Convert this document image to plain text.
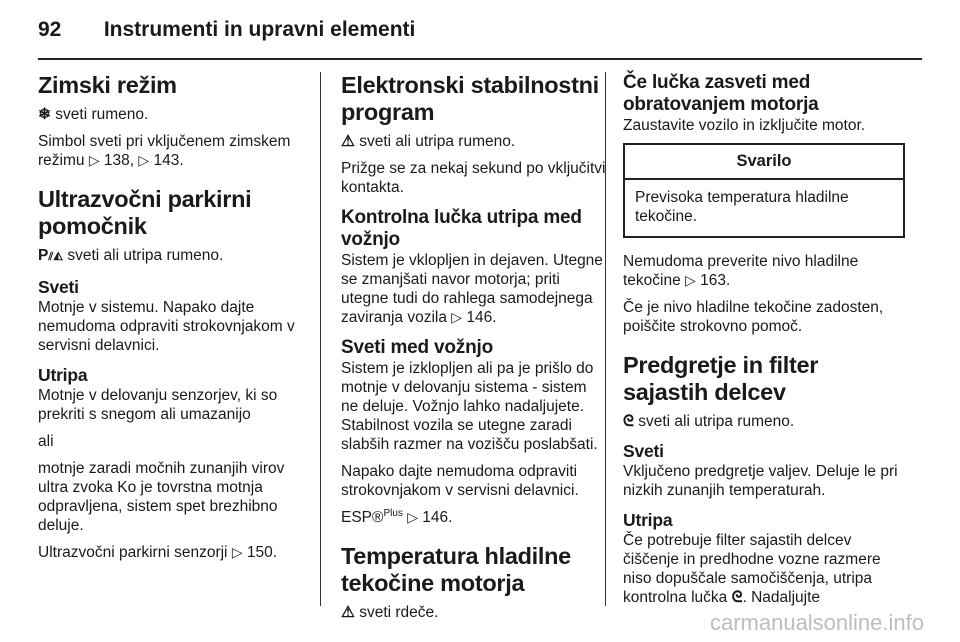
92 Instrumenti in upravni elementi
Zimski režim

❄ sveti rumeno.

Simbol sveti pri vključenem zimskem režimu ▷ 138, ▷ 143.

Ultrazvočni parkirni pomočnik

P⫽◭ sveti ali utripa rumeno.

Sveti

Motnje v sistemu. Napako dajte nemudoma odpraviti strokovnjakom v servisni delavnici.

Utripa

Motnje v delovanju senzorjev, ki so prekriti s snegom ali umazanijo

ali

motnje zaradi močnih zunanjih virov ultra zvoka Ko je tovrstna motnja odpravljena, sistem spet brezhibno deluje.

Ultrazvočni parkirni senzorji ▷ 150.

Elektronski stabilnostni program

⚠ sveti ali utripa rumeno.

Prižge se za nekaj sekund po vključitvi kontakta.

Kontrolna lučka utripa med vožnjo

Sistem je vklopljen in dejaven. Utegne se zmanjšati navor motorja; priti utegne tudi do rahlega samodejnega zaviranja vozila ▷ 146.

Sveti med vožnjo

Sistem je izklopljen ali pa je prišlo do motnje v delovanju sistema - sistem ne deluje. Vožnjo lahko nadaljujete. Stabilnost vozila se utegne zaradi slabših razmer na vozišču poslabšati.

Napako dajte nemudoma odpraviti strokovnjakom v servisni delavnici.

ESP®$^{Plus}$ ▷ 146.

Temperatura hladilne tekočine motorja

⚠ sveti rdeče.

Če lučka zasveti med obratovanjem motorja

Zaustavite vozilo in izključite motor.

Svarilo
Previsoka temperatura hladilne tekočine.

Nemudoma preverite nivo hladilne tekočine ▷ 163.

Če je nivo hladilne tekočine zadosten, poiščite strokovno pomoč.

Predgretje in filter sajastih delcev

ᘓ sveti ali utripa rumeno.

Sveti

Vključeno predgretje valjev. Deluje le pri nizkih zunanjih temperaturah.

Utripa

Če potrebuje filter sajastih delcev čiščenje in predhodne vozne razmere niso dopuščale samočiščenja, utripa kontrolna lučka ᘓ. Nadaljujte

carmanualsonline.info
